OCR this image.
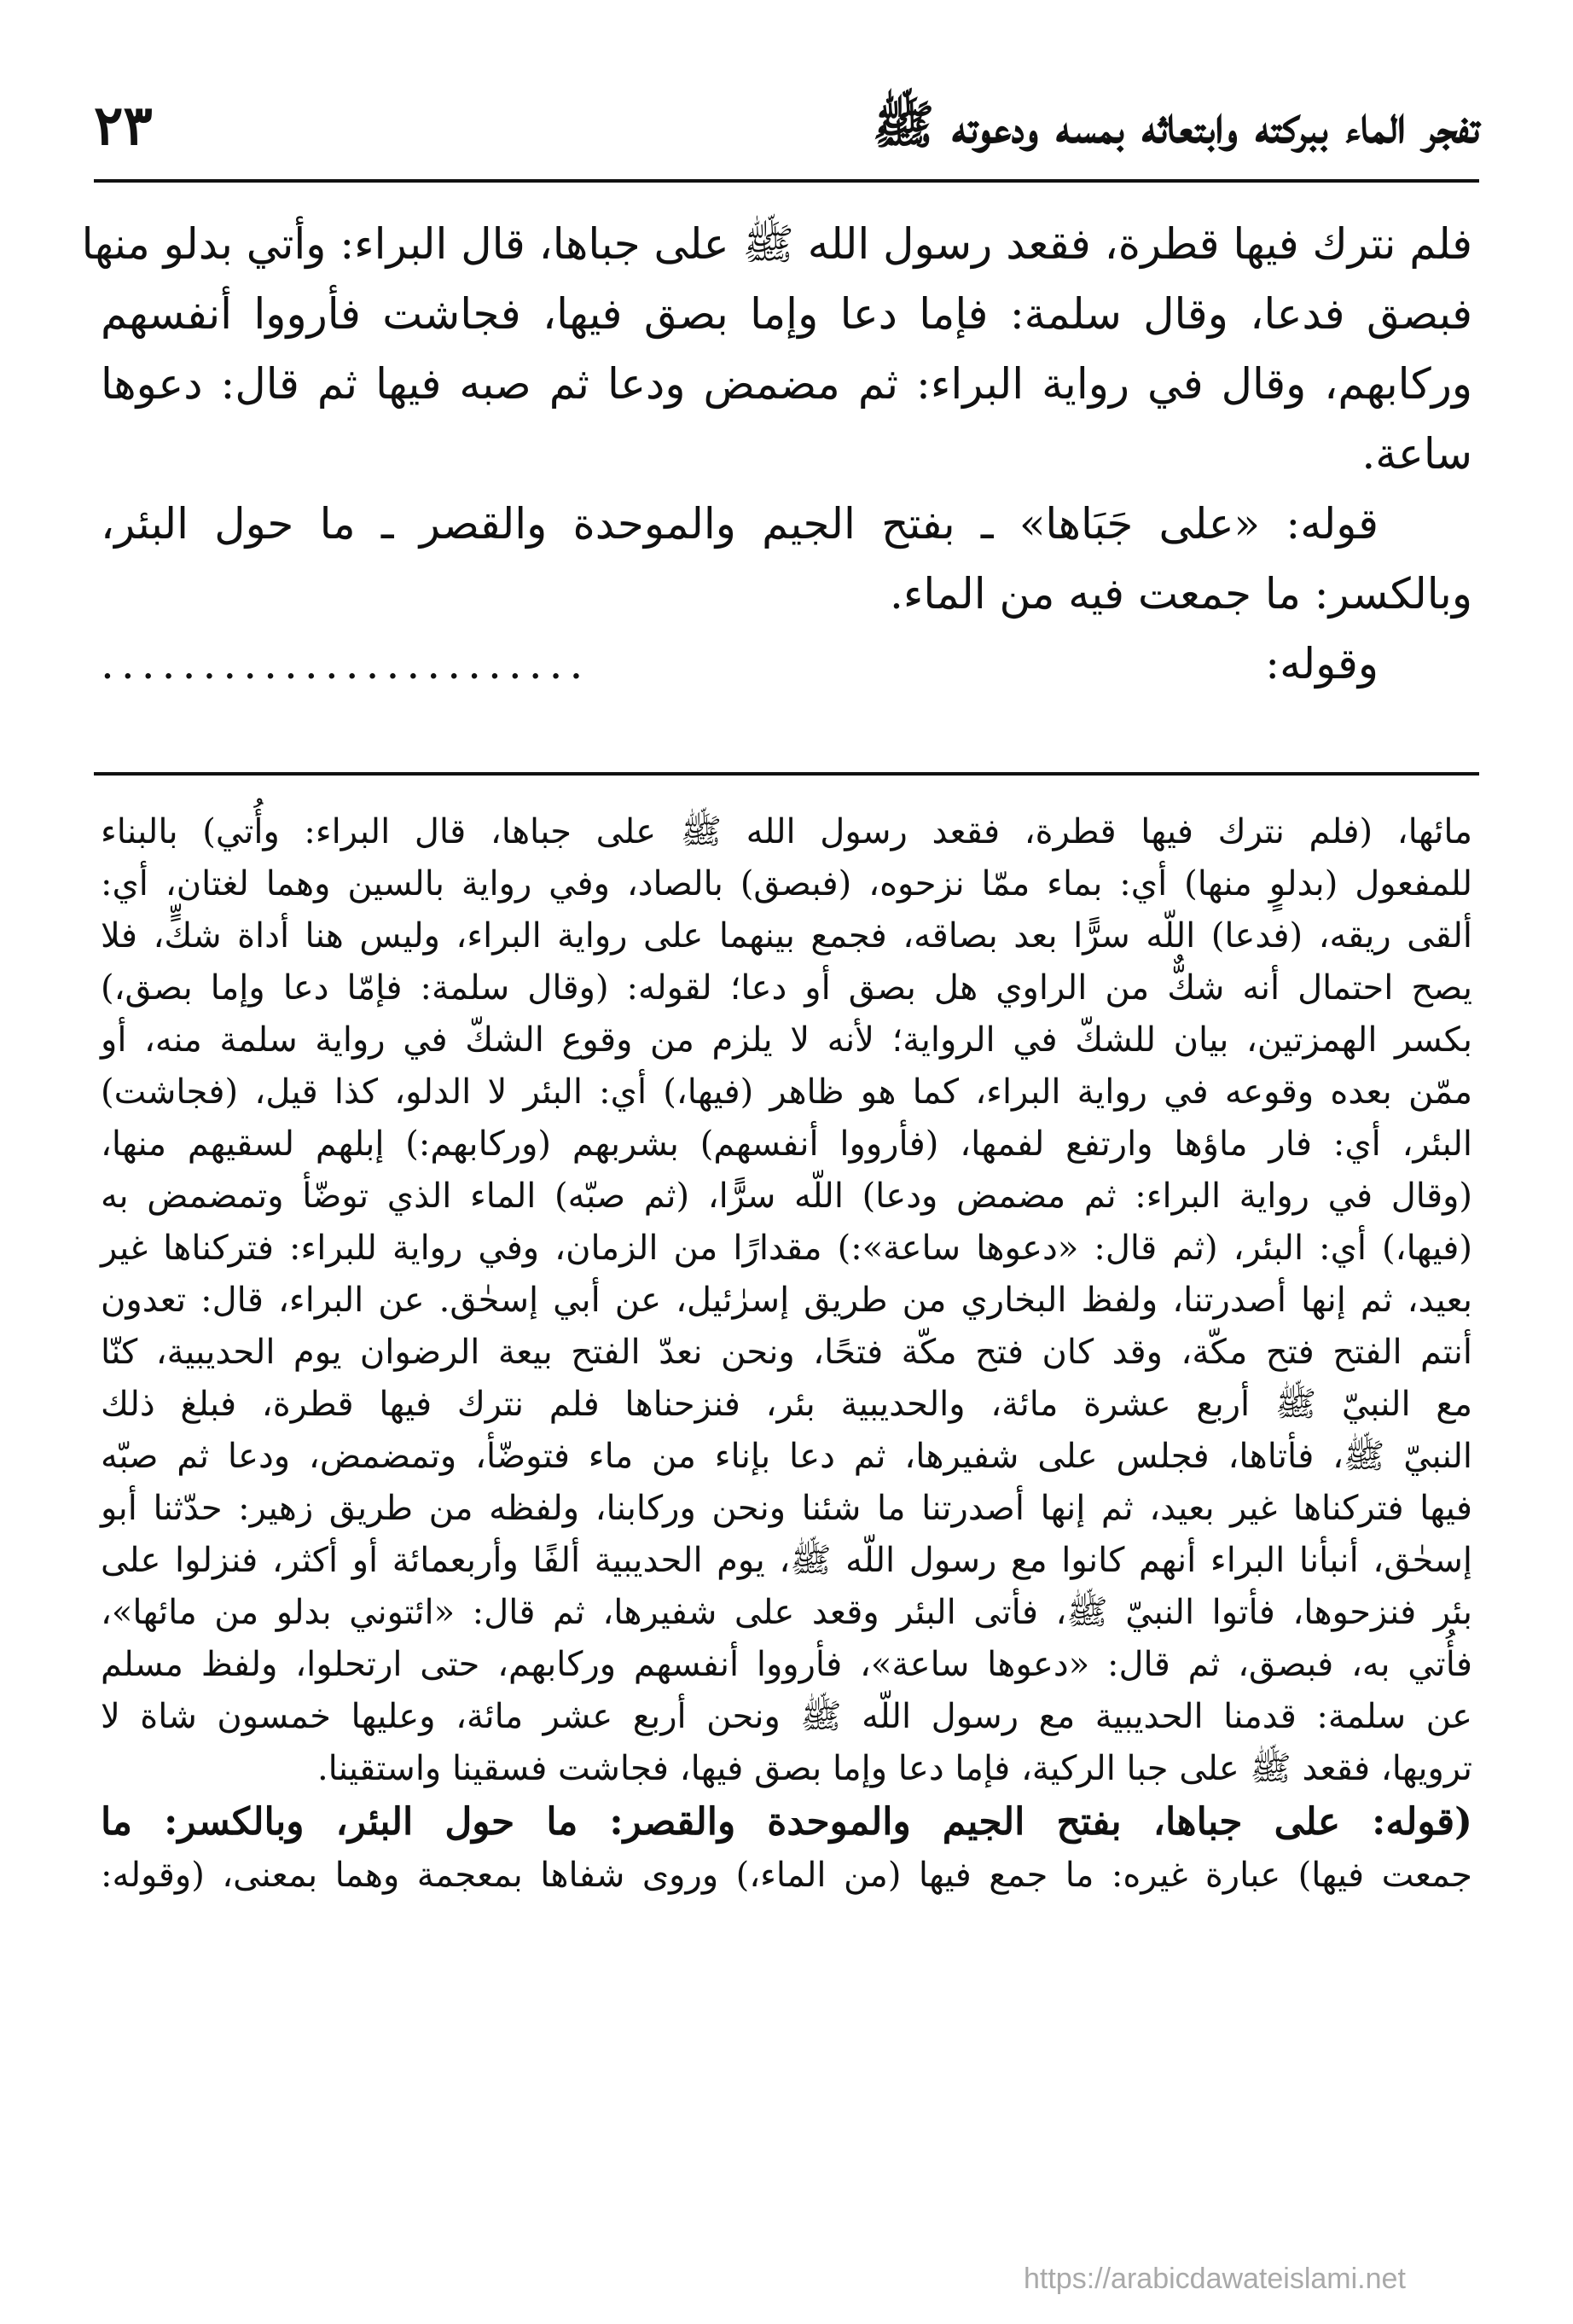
تفجر الماء ببركته وابتعاثه بمسه ودعوته ﷺ
٢٣
فلم نترك فيها قطرة، فقعد رسول الله ﷺ على جباها، قال البراء: وأتي بدلو منها
فبصق فدعا، وقال سلمة: فإما دعا وإما بصق فيها، فجاشت فأرووا أنفسهم
وركابهم، وقال في رواية البراء: ثم مضمض ودعا ثم صبه فيها ثم قال: دعوها
ساعة.
قوله: «على جَبَاها» ـ بفتح الجيم والموحدة والقصر ـ ما حول البئر،
وبالكسر: ما جمعت فيه من الماء.
وقوله:
........................
مائها، (فلم نترك فيها قطرة، فقعد رسول الله ﷺ على جباها، قال البراء: وأُتي) بالبناء
للمفعول (بدلوٍ منها) أي: بماء ممّا نزحوه، (فبصق) بالصاد، وفي رواية بالسين وهما لغتان، أي:
ألقى ريقه، (فدعا) اللّه سرًّا بعد بصاقه، فجمع بينهما على رواية البراء، وليس هنا أداة شكٍّ، فلا
يصح احتمال أنه شكٌّ من الراوي هل بصق أو دعا؛ لقوله: (وقال سلمة: فإمّا دعا وإما بصق،)
بكسر الهمزتين، بيان للشكّ في الرواية؛ لأنه لا يلزم من وقوع الشكّ في رواية سلمة منه، أو
ممّن بعده وقوعه في رواية البراء، كما هو ظاهر (فيها،) أي: البئر لا الدلو، كذا قيل، (فجاشت)
البئر، أي: فار ماؤها وارتفع لفمها، (فأرووا أنفسهم) بشربهم (وركابهم:) إبلهم لسقيهم منها،
(وقال في رواية البراء: ثم مضمض ودعا) اللّه سرًّا، (ثم صبّه) الماء الذي توضّأ وتمضمض به
(فيها،) أي: البئر، (ثم قال: «دعوها ساعة»:) مقدارًا من الزمان، وفي رواية للبراء: فتركناها غير
بعيد، ثم إنها أصدرتنا، ولفظ البخاري من طريق إسرٰئيل، عن أبي إسحٰق. عن البراء، قال: تعدون
أنتم الفتح فتح مكّة، وقد كان فتح مكّة فتحًا، ونحن نعدّ الفتح بيعة الرضوان يوم الحديبية، كنّا
مع النبيّ ﷺ أربع عشرة مائة، والحديبية بئر، فنزحناها فلم نترك فيها قطرة، فبلغ ذلك
النبيّ ﷺ، فأتاها، فجلس على شفيرها، ثم دعا بإناء من ماء فتوضّأ، وتمضمض، ودعا ثم صبّه
فيها فتركناها غير بعيد، ثم إنها أصدرتنا ما شئنا ونحن وركابنا، ولفظه من طريق زهير: حدّثنا أبو
إسحٰق، أنبأنا البراء أنهم كانوا مع رسول اللّه ﷺ، يوم الحديبية ألفًا وأربعمائة أو أكثر، فنزلوا على
بئر فنزحوها، فأتوا النبيّ ﷺ، فأتى البئر وقعد على شفيرها، ثم قال: «ائتوني بدلو من مائها»،
فأُتي به، فبصق، ثم قال: «دعوها ساعة»، فأرووا أنفسهم وركابهم، حتى ارتحلوا، ولفظ مسلم
عن سلمة: قدمنا الحديبية مع رسول اللّه ﷺ ونحن أربع عشر مائة، وعليها خمسون شاة لا
ترويها، فقعد ﷺ على جبا الركية، فإما دعا وإما بصق فيها، فجاشت فسقينا واستقينا.
(قوله: على جباها، بفتح الجيم والموحدة والقصر: ما حول البئر، وبالكسر: ما
جمعت فيها) عبارة غيره: ما جمع فيها (من الماء،) وروى شفاها بمعجمة وهما بمعنى، (وقوله:
https://arabicdawateislami.net
